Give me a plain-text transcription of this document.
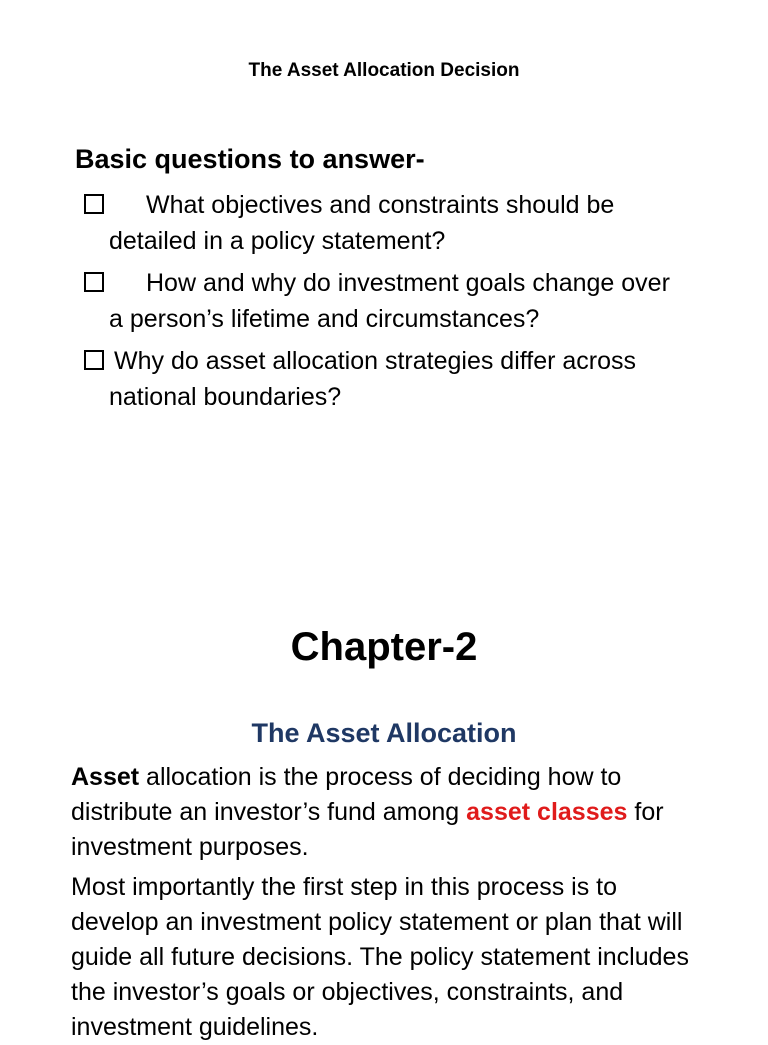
The Asset Allocation Decision
Basic questions to answer-
What objectives and constraints should be
detailed in a policy statement?
How and why do investment goals change over
a person’s lifetime and circumstances?
Why do asset allocation strategies differ across
national boundaries?
Chapter-2
The Asset Allocation
Asset allocation is the process of deciding how to distribute an investor’s fund among asset classes for investment purposes.
Most importantly the first step in this process is to develop an investment policy statement or plan that will guide all future decisions. The policy statement includes the investor’s goals or objectives, constraints, and investment guidelines.
